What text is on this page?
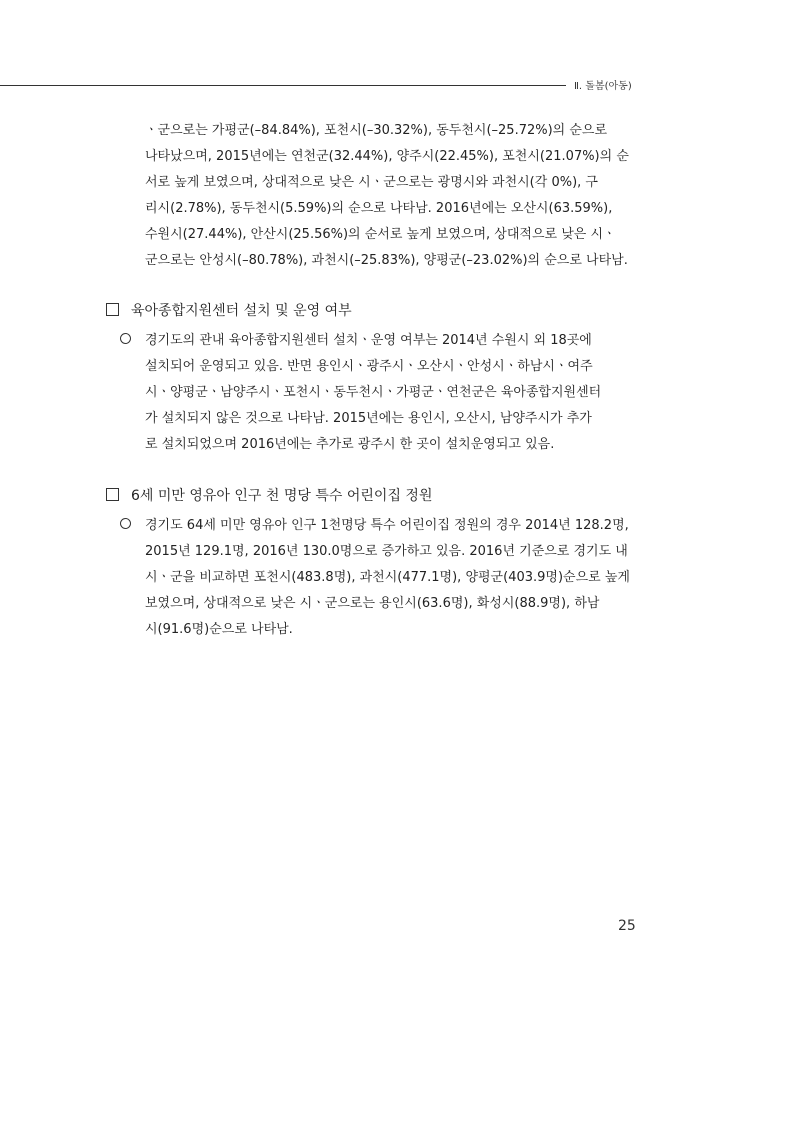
Ⅱ. 돌봄(아동)
ㆍ군으로는 가평군(–84.84%), 포천시(–30.32%), 동두천시(–25.72%)의 순으로
나타났으며, 2015년에는 연천군(32.44%), 양주시(22.45%), 포천시(21.07%)의 순
서로 높게 보였으며, 상대적으로 낮은 시ㆍ군으로는 광명시와 과천시(각 0%), 구
리시(2.78%), 동두천시(5.59%)의 순으로 나타남. 2016년에는 오산시(63.59%),
수원시(27.44%), 안산시(25.56%)의 순서로 높게 보였으며, 상대적으로 낮은 시ㆍ
군으로는 안성시(–80.78%), 과천시(–25.83%), 양평군(–23.02%)의 순으로 나타남.
육아종합지원센터 설치 및 운영 여부
경기도의 관내 육아종합지원센터 설치ㆍ운영 여부는 2014년 수원시 외 18곳에
설치되어 운영되고 있음. 반면 용인시ㆍ광주시ㆍ오산시ㆍ안성시ㆍ하남시ㆍ여주
시ㆍ양평군ㆍ남양주시ㆍ포천시ㆍ동두천시ㆍ가평군ㆍ연천군은 육아종합지원센터
가 설치되지 않은 것으로 나타남. 2015년에는 용인시, 오산시, 남양주시가 추가
로 설치되었으며 2016년에는 추가로 광주시 한 곳이 설치운영되고 있음.
6세 미만 영유아 인구 천 명당 특수 어린이집 정원
경기도 64세 미만 영유아 인구 1천명당 특수 어린이집 정원의 경우 2014년 128.2명,
2015년 129.1명, 2016년 130.0명으로 증가하고 있음. 2016년 기준으로 경기도 내
시ㆍ군을 비교하면 포천시(483.8명), 과천시(477.1명), 양평군(403.9명)순으로 높게
보였으며, 상대적으로 낮은 시ㆍ군으로는 용인시(63.6명), 화성시(88.9명), 하남
시(91.6명)순으로 나타남.
25
